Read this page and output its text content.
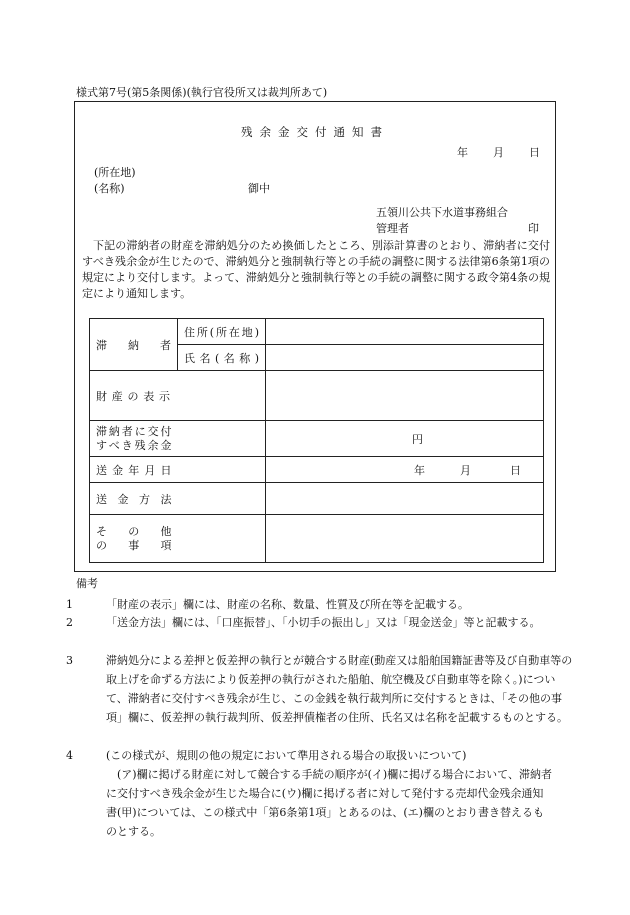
様式第7号(第5条関係)(執行官役所又は裁判所あて)
残余金交付通知書
年 月 日
(所在地)
(名称)	御中
五領川公共下水道事務組合
管理者	印
下記の滞納者の財産を滞納処分のため換価したところ、別添計算書のとおり、滞納者に交付すべき残余金が生じたので、滞納処分と強制執行等との手続の調整に関する法律第6条第1項の規定により交付します。よって、滞納処分と強制執行等との手続の調整に関する政令第4条の規定により通知します。
滞 納 者	住所(所在地)	
	氏名(名称)	
財産の表示		

滞納者に交付
すべき残余金		円
送金年月日		年 月 日

送金方法		

そ の 他
の 事 項		

備考
1	「財産の表示」欄には、財産の名称、数量、性質及び所在等を記載する。
2	「送金方法」欄には、「口座振替」、「小切手の振出し」又は「現金送金」等と記載する。
3	滞納処分による差押と仮差押の執行とが競合する財産(動産又は船舶国籍証書等及び自動車等の取上げを命ずる方法により仮差押の執行がされた船舶、航空機及び自動車等を除く。)について、滞納者に交付すべき残余が生じ、この金銭を執行裁判所に交付するときは、「その他の事項」欄に、仮差押の執行裁判所、仮差押債権者の住所、氏名又は名称を記載するものとする。
4	(この様式が、規則の他の規定において準用される場合の取扱いについて)
(ア)欄に掲げる財産に対して競合する手続の順序が(イ)欄に掲げる場合において、滞納者に交付すべき残余金が生じた場合に(ウ)欄に掲げる者に対して発付する売却代金残余通知書(甲)については、この様式中「第6条第1項」とあるのは、(エ)欄のとおり書き替えるものとする。
